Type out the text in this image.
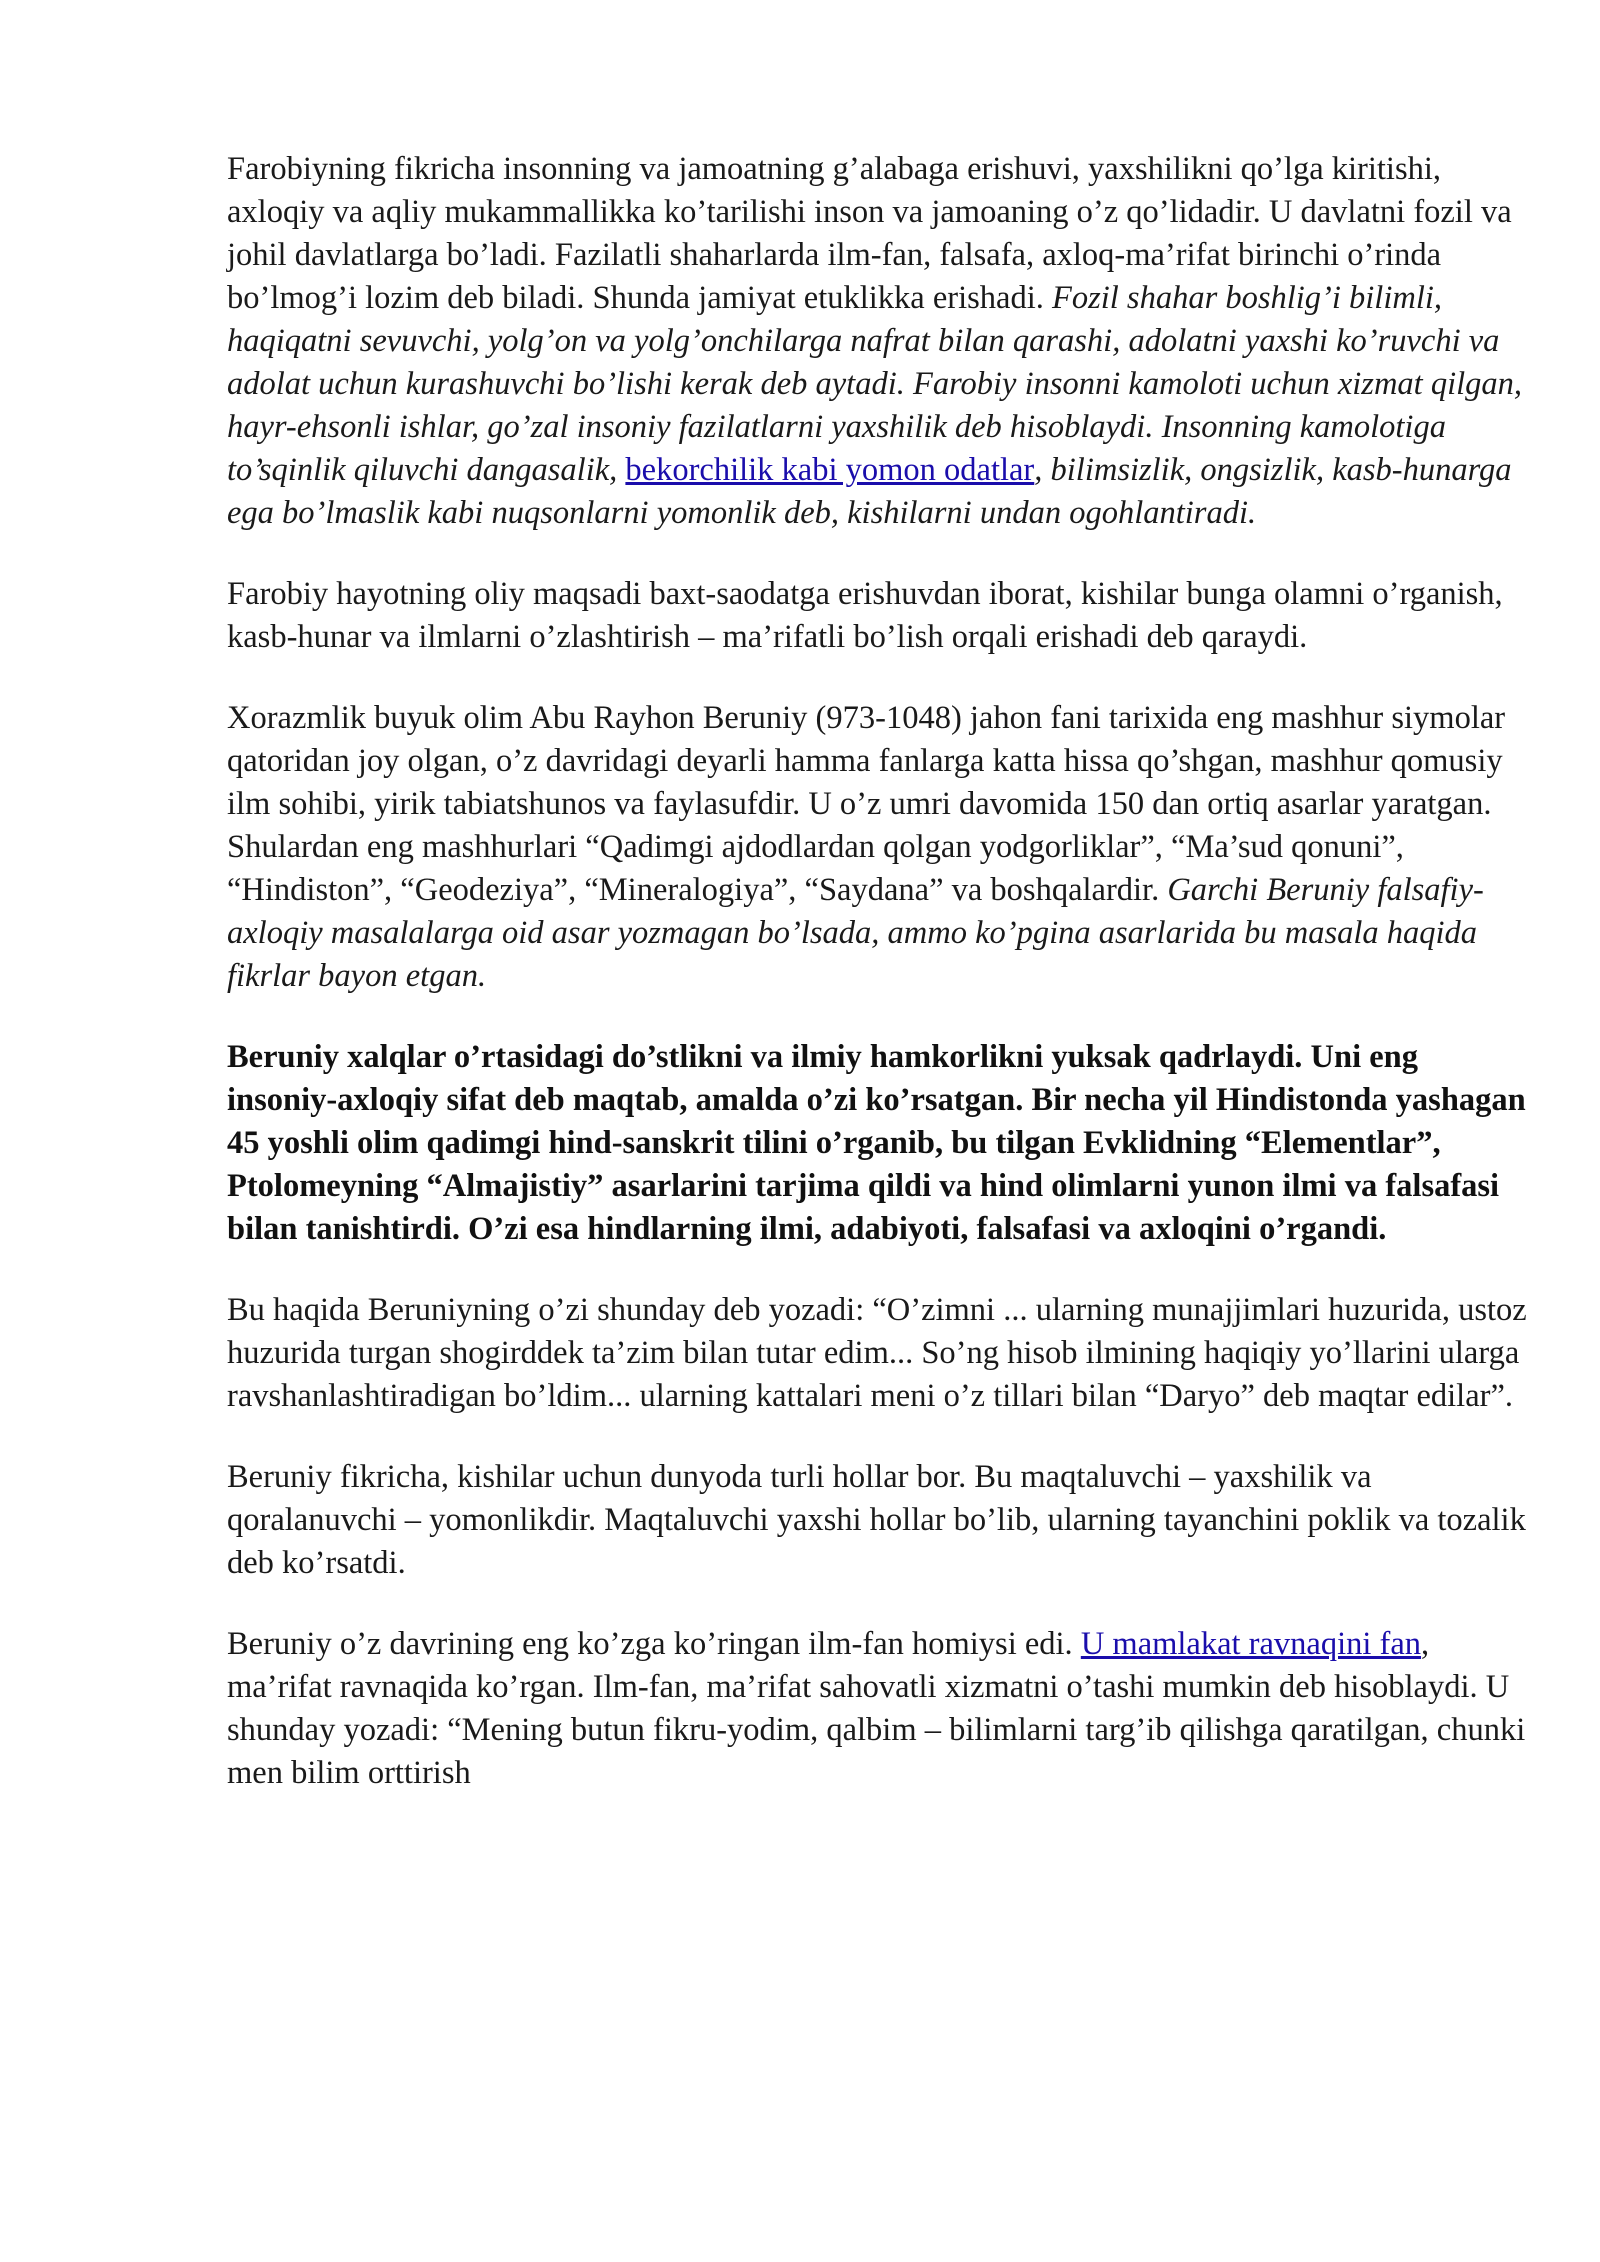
Farobiyning fikricha insonning va jamoatning g’alabaga erishuvi, yaxshilikni qo’lga kiritishi, axloqiy va aqliy mukammallikka ko’tarilishi inson va jamoaning o’z qo’lidadir. U davlatni fozil va johil davlatlarga bo’ladi. Fazilatli shaharlarda ilm-fan, falsafa, axloq-ma’rifat birinchi o’rinda bo’lmog’i lozim deb biladi. Shunda jamiyat etuklikka erishadi. Fozil shahar boshlig’i bilimli, haqiqatni sevuvchi, yolg’on va yolg’onchilarga nafrat bilan qarashi, adolatni yaxshi ko’ruvchi va adolat uchun kurashuvchi bo’lishi kerak deb aytadi. Farobiy insonni kamoloti uchun xizmat qilgan, hayr-ehsonli ishlar, go’zal insoniy fazilatlarni yaxshilik deb hisoblaydi. Insonning kamolotiga to’sqinlik qiluvchi dangasalik, bekorchilik kabi yomon odatlar, bilimsizlik, ongsizlik, kasb-hunarga ega bo’lmaslik kabi nuqsonlarni yomonlik deb, kishilarni undan ogohlantiradi.

Farobiy hayotning oliy maqsadi baxt-saodatga erishuvdan iborat, kishilar bunga olamni o’rganish, kasb-hunar va ilmlarni o’zlashtirish – ma’rifatli bo’lish orqali erishadi deb qaraydi.

Xorazmlik buyuk olim Abu Rayhon Beruniy (973-1048) jahon fani tarixida eng mashhur siymolar qatoridan joy olgan, o’z davridagi deyarli hamma fanlarga katta hissa qo’shgan, mashhur qomusiy ilm sohibi, yirik tabiatshunos va faylasufdir. U o’z umri davomida 150 dan ortiq asarlar yaratgan. Shulardan eng mashhurlari “Qadimgi ajdodlardan qolgan yodgorliklar”, “Ma’sud qonuni”, “Hindiston”, “Geodeziya”, “Mineralogiya”, “Saydana” va boshqalardir. Garchi Beruniy falsafiy-axloqiy masalalarga oid asar yozmagan bo’lsada, ammo ko’pgina asarlarida bu masala haqida fikrlar bayon etgan.

Beruniy xalqlar o’rtasidagi do’stlikni va ilmiy hamkorlikni yuksak qadrlaydi. Uni eng insoniy-axloqiy sifat deb maqtab, amalda o’zi ko’rsatgan. Bir necha yil Hindistonda yashagan 45 yoshli olim qadimgi hind-sanskrit tilini o’rganib, bu tilgan Evklidning “Elementlar”, Ptolomeyning “Almajistiy” asarlarini tarjima qildi va hind olimlarni yunon ilmi va falsafasi bilan tanishtirdi. O’zi esa hindlarning ilmi, adabiyoti, falsafasi va axloqini o’rgandi.

Bu haqida Beruniyning o’zi shunday deb yozadi: “O’zimni ... ularning munajjimlari huzurida, ustoz huzurida turgan shogirddek ta’zim bilan tutar edim... So’ng hisob ilmining haqiqiy yo’llarini ularga ravshanlashtiradigan bo’ldim... ularning kattalari meni o’z tillari bilan “Daryo” deb maqtar edilar”.

Beruniy fikricha, kishilar uchun dunyoda turli hollar bor. Bu maqtaluvchi – yaxshilik va qoralanuvchi – yomonlikdir. Maqtaluvchi yaxshi hollar bo’lib, ularning tayanchini poklik va tozalik deb ko’rsatdi.

Beruniy o’z davrining eng ko’zga ko’ringan ilm-fan homiysi edi. U mamlakat ravnaqini fan, ma’rifat ravnaqida ko’rgan. Ilm-fan, ma’rifat sahovatli xizmatni o’tashi mumkin deb hisoblaydi. U shunday yozadi: “Mening butun fikru-yodim, qalbim – bilimlarni targ’ib qilishga qaratilgan, chunki men bilim orttirish
